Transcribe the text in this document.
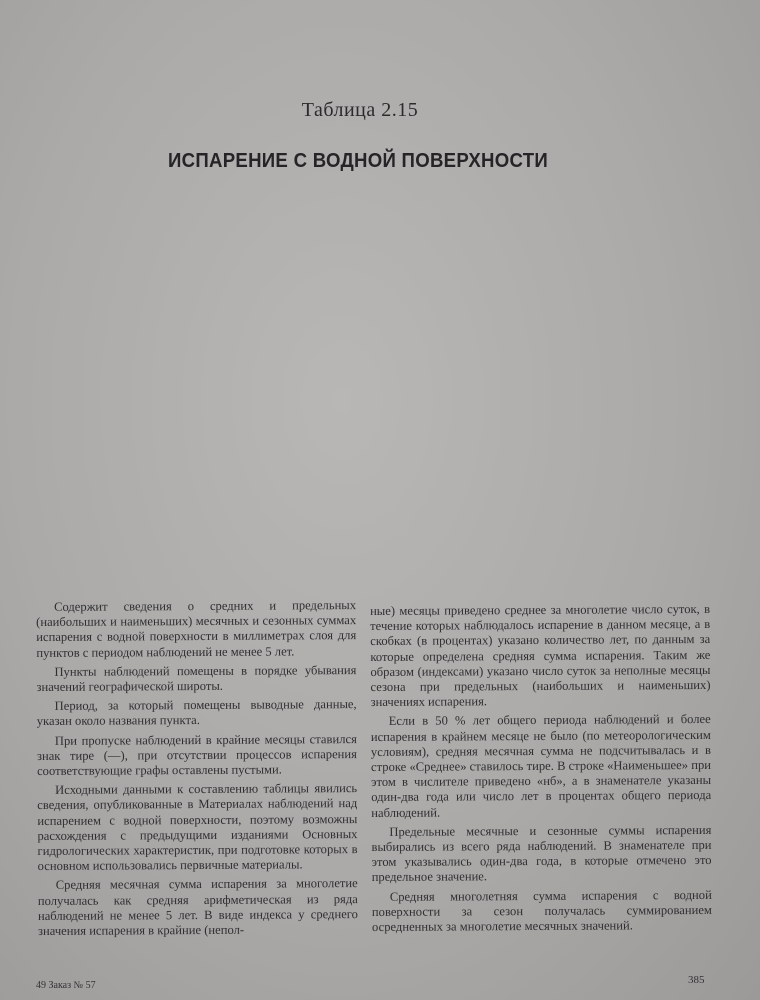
Таблица 2.15
ИСПАРЕНИЕ С ВОДНОЙ ПОВЕРХНОСТИ

Содержит сведения о средних и предельных (наибольших и наименьших) месячных и сезонных суммах испарения с водной поверхности в миллиметрах слоя для пунктов с периодом наблюдений не менее 5 лет.

Пункты наблюдений помещены в порядке убывания значений географической широты.

Период, за который помещены выводные данные, указан около названия пункта.

При пропуске наблюдений в крайние месяцы ставился знак тире (—), при отсутствии процессов испарения соответствующие графы оставлены пустыми.

Исходными данными к составлению таблицы явились сведения, опубликованные в Материалах наблюдений над испарением с водной поверхности, поэтому возможны расхождения с предыдущими изданиями Основных гидрологических характеристик, при подготовке которых в основном использовались первичные материалы.

Средняя месячная сумма испарения за многолетие получалась как средняя арифметическая из ряда наблюдений не менее 5 лет. В виде индекса у среднего значения испарения в крайние (непол-

ные) месяцы приведено среднее за многолетие число суток, в течение которых наблюдалось испарение в данном месяце, а в скобках (в процентах) указано количество лет, по данным за которые определена средняя сумма испарения. Таким же образом (индексами) указано число суток за неполные месяцы сезона при предельных (наибольших и наименьших) значениях испарения.

Если в 50 % лет общего периода наблюдений и более испарения в крайнем месяце не было (по метеорологическим условиям), средняя месячная сумма не подсчитывалась и в строке «Среднее» ставилось тире. В строке «Наименьшее» при этом в числителе приведено «нб», а в знаменателе указаны один-два года или число лет в процентах общего периода наблюдений.

Предельные месячные и сезонные суммы испарения выбирались из всего ряда наблюдений. В знаменателе при этом указывались один-два года, в которые отмечено это предельное значение.

Средняя многолетняя сумма испарения с водной поверхности за сезон получалась суммированием осредненных за многолетие месячных значений.

49 Заказ № 57	385
